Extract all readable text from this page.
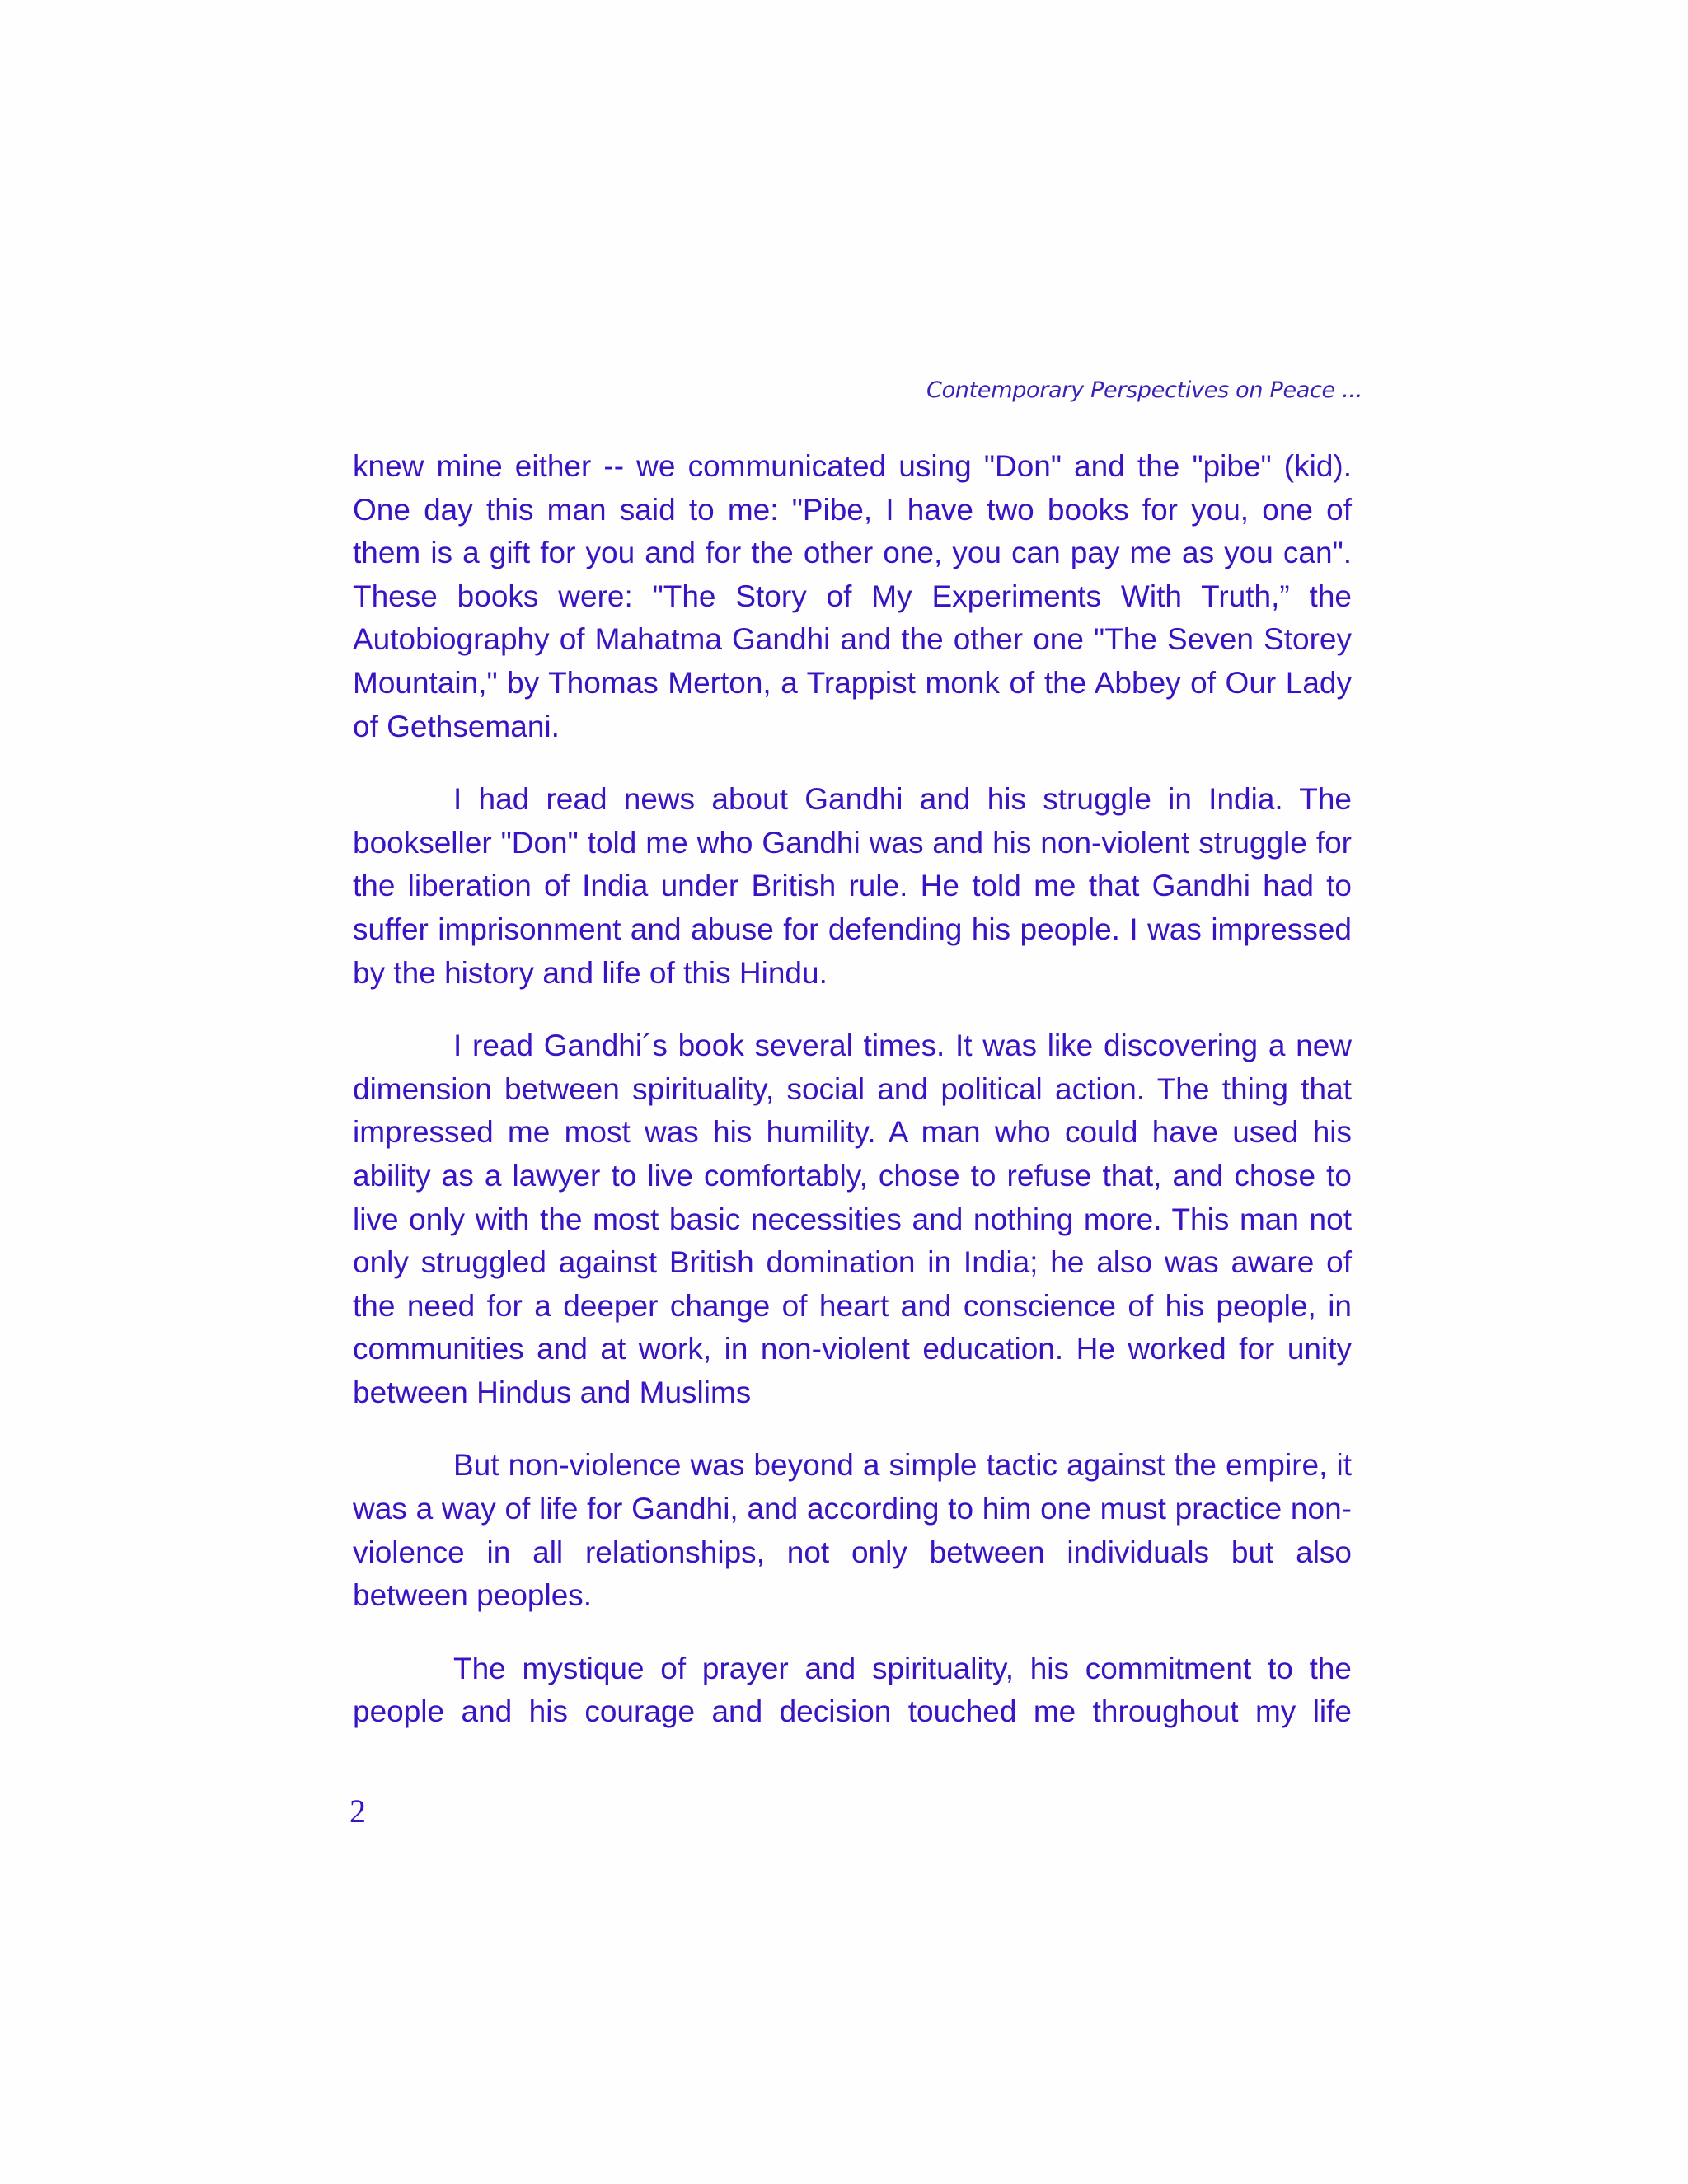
Contemporary Perspectives on Peace ...

knew mine either -- we communicated using "Don" and the "pibe" (kid). One day this man said to me: "Pibe, I have two books for you, one of them is a gift for you and for the other one, you can pay me as you can". These books were: "The Story of My Experiments With Truth,” the Autobiography of Mahatma Gandhi and the other one "The Seven Storey Mountain," by Thomas Merton, a Trappist monk of the Abbey of Our Lady of Gethsemani.

I had read news about Gandhi and his struggle in India. The bookseller "Don" told me who Gandhi was and his non-violent struggle for the liberation of India under British rule. He told me that Gandhi had to suffer imprisonment and abuse for defending his people. I was impressed by the history and life of this Hindu.

I read Gandhi´s book several times. It was like discovering a new dimension between spirituality, social and political action. The thing that impressed me most was his humility. A man who could have used his ability as a lawyer to live comfortably, chose to refuse that, and chose to live only with the most basic necessities and nothing more. This man not only struggled against British domination in India; he also was aware of the need for a deeper change of heart and conscience of his people, in communities and at work, in non-violent education. He worked for unity between Hindus and Muslims

But non-violence was beyond a simple tactic against the empire, it was a way of life for Gandhi, and according to him one must practice non-violence in all relationships, not only between individuals but also between peoples.

The mystique of prayer and spirituality, his commitment to the people and his courage and decision touched me throughout my life

2
